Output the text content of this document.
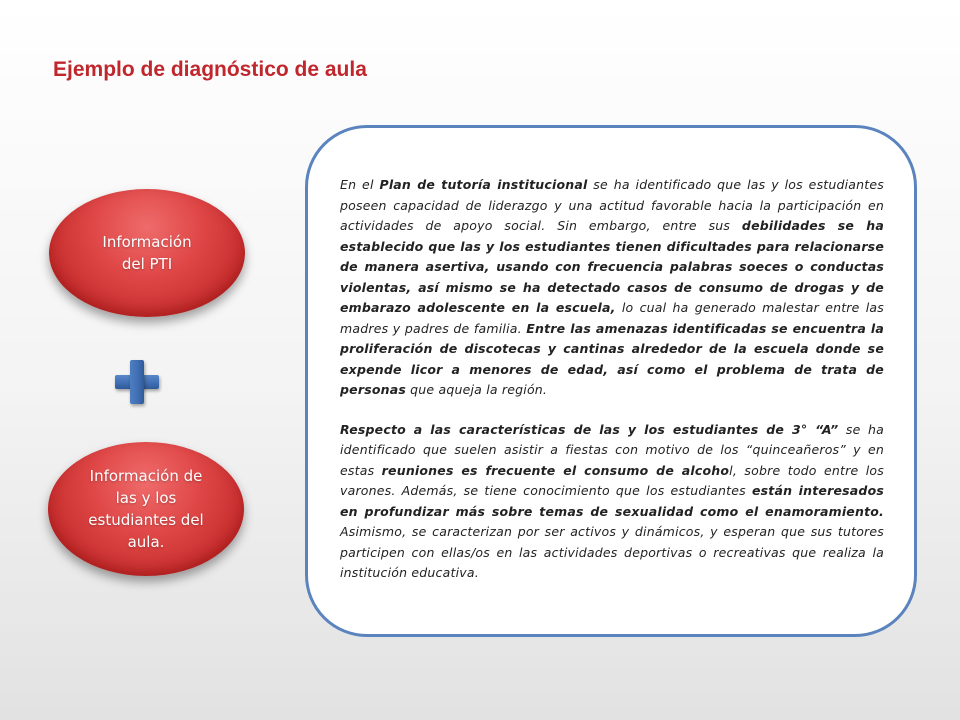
Ejemplo de diagnóstico de aula
Información
del PTI
Información de
las y los
estudiantes del
aula.

En el Plan de tutoría institucional se ha identificado que las y los estudiantes poseen capacidad de liderazgo y una actitud favorable hacia la participación en actividades de apoyo social. Sin embargo, entre sus debilidades se ha establecido que las y los estudiantes tienen dificultades para relacionarse de manera asertiva, usando con frecuencia palabras soeces o conductas violentas, así mismo se ha detectado casos de consumo de drogas y de embarazo adolescente en la escuela, lo cual ha generado malestar entre las madres y padres de familia. Entre las amenazas identificadas se encuentra la proliferación de discotecas y cantinas alrededor de la escuela donde se expende licor a menores de edad, así como el problema de trata de personas que aqueja la región.

Respecto a las características de las y los estudiantes de 3° “A” se ha identificado que suelen asistir a fiestas con motivo de los “quinceañeros” y en estas reuniones es frecuente el consumo de alcohol, sobre todo entre los varones. Además, se tiene conocimiento que los estudiantes están interesados en profundizar más sobre temas de sexualidad como el enamoramiento. Asimismo, se caracterizan por ser activos y dinámicos, y esperan que sus tutores participen con ellas/os en las actividades deportivas o recreativas que realiza la institución educativa.
